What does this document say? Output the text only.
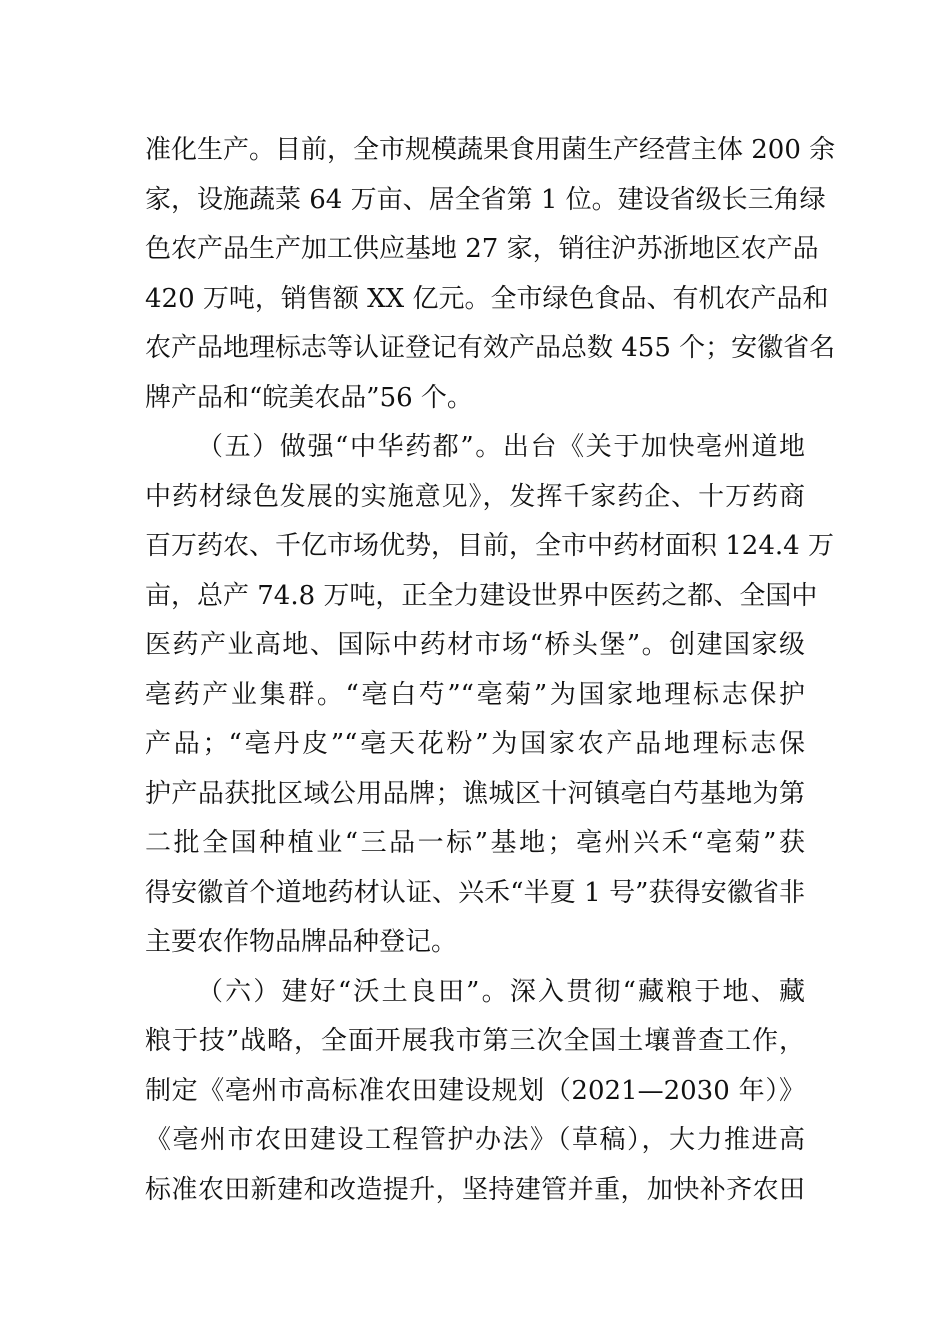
准化生产。目前，全市规模蔬果食用菌生产经营主体 200 余
家，设施蔬菜 64 万亩、居全省第 1 位。建设省级长三角绿
色农产品生产加工供应基地 27 家，销往沪苏浙地区农产品
420 万吨，销售额 XX 亿元。全市绿色食品、有机农产品和
农产品地理标志等认证登记有效产品总数 455 个；安徽省名
牌产品和“皖美农品”56 个。
（五）做强“中华药都”。出台《关于加快亳州道地
中药材绿色发展的实施意见》，发挥千家药企、十万药商
百万药农、千亿市场优势，目前，全市中药材面积 124.4 万
亩，总产 74.8 万吨，正全力建设世界中医药之都、全国中
医药产业高地、国际中药材市场“桥头堡”。创建国家级
亳药产业集群。“亳白芍”“亳菊”为国家地理标志保护
产品；“亳丹皮”“亳天花粉”为国家农产品地理标志保
护产品获批区域公用品牌；谯城区十河镇亳白芍基地为第
二批全国种植业“三品一标”基地；亳州兴禾“亳菊”获
得安徽首个道地药材认证、兴禾“半夏 1 号”获得安徽省非
主要农作物品牌品种登记。
（六）建好“沃土良田”。深入贯彻“藏粮于地、藏
粮于技”战略，全面开展我市第三次全国土壤普查工作，
制定《亳州市高标准农田建设规划（2021—2030 年）》
《亳州市农田建设工程管护办法》（草稿），大力推进高
标准农田新建和改造提升，坚持建管并重，加快补齐农田
